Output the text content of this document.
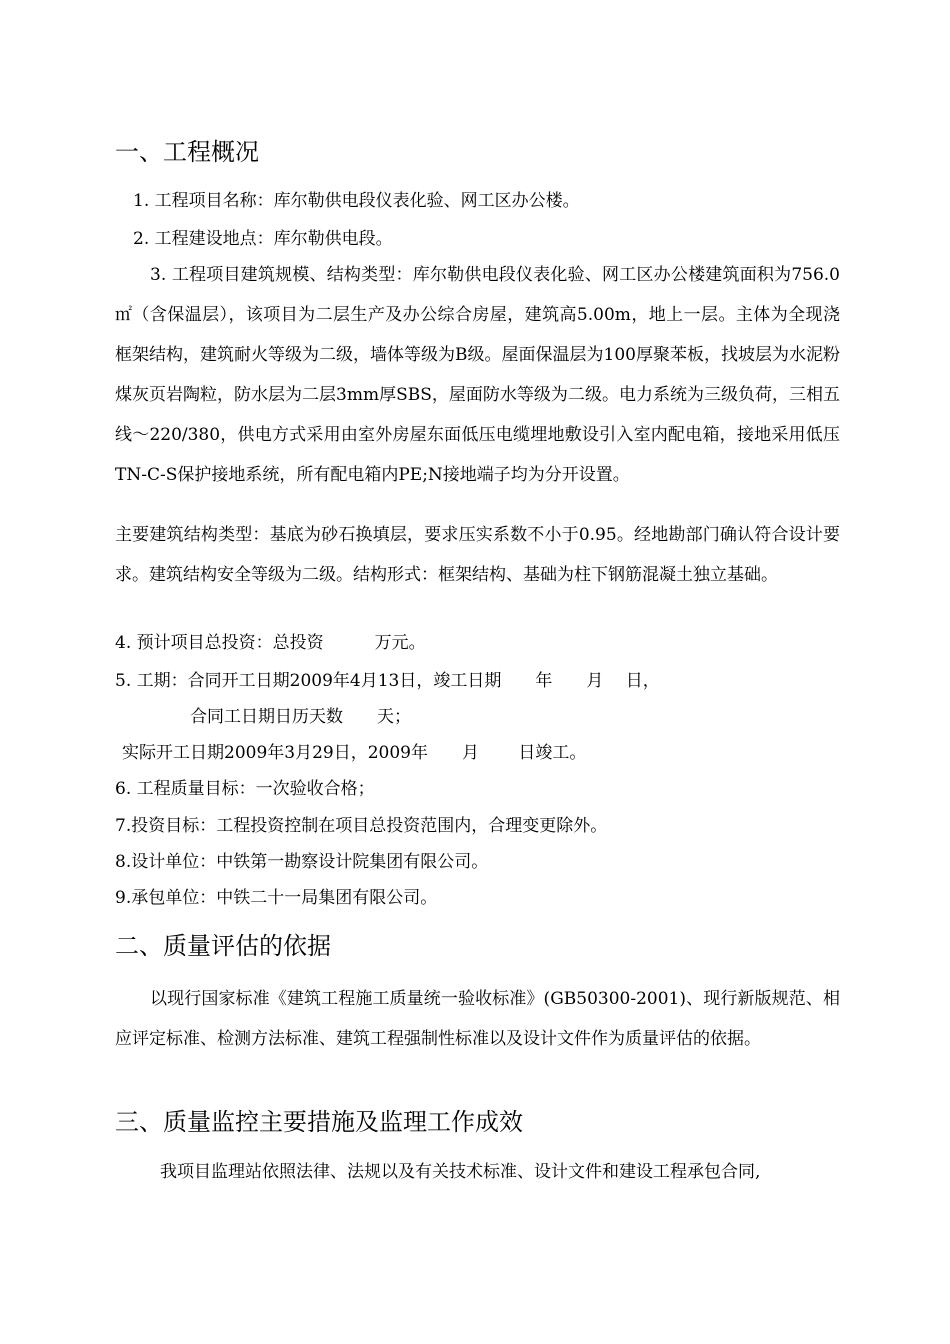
一、工程概况
1. 工程项目名称：库尔勒供电段仪表化验、网工区办公楼。
2. 工程建设地点：库尔勒供电段。
3. 工程项目建筑规模、结构类型：库尔勒供电段仪表化验、网工区办公楼建筑面积为756.0㎡（含保温层），该项目为二层生产及办公综合房屋，建筑高5.00m，地上一层。主体为全现浇框架结构，建筑耐火等级为二级，墙体等级为B级。屋面保温层为100厚聚苯板，找坡层为水泥粉煤灰页岩陶粒，防水层为二层3mm厚SBS，屋面防水等级为二级。电力系统为三级负荷，三相五线～220/380，供电方式采用由室外房屋东面低压电缆埋地敷设引入室内配电箱，接地采用低压TN-C-S保护接地系统，所有配电箱内PE;N接地端子均为分开设置。
主要建筑结构类型：基底为砂石换填层，要求压实系数不小于0.95。经地勘部门确认符合设计要求。建筑结构安全等级为二级。结构形式：框架结构、基础为柱下钢筋混凝土独立基础。
4. 预计项目总投资：总投资　　　万元。
5. 工期：合同开工日期2009年4月13日，竣工日期　　年　　月　 日，
合同工日期日历天数　　天；
实际开工日期2009年3月29日，2009年　　月　　 日竣工。
6. 工程质量目标：一次验收合格；
7.投资目标：工程投资控制在项目总投资范围内，合理变更除外。
8.设计单位：中铁第一勘察设计院集团有限公司。
9.承包单位：中铁二十一局集团有限公司。
二、质量评估的依据
以现行国家标准《建筑工程施工质量统一验收标准》(GB50300-2001)、现行新版规范、相应评定标准、检测方法标准、建筑工程强制性标准以及设计文件作为质量评估的依据。
三、质量监控主要措施及监理工作成效
我项目监理站依照法律、法规以及有关技术标准、设计文件和建设工程承包合同,
